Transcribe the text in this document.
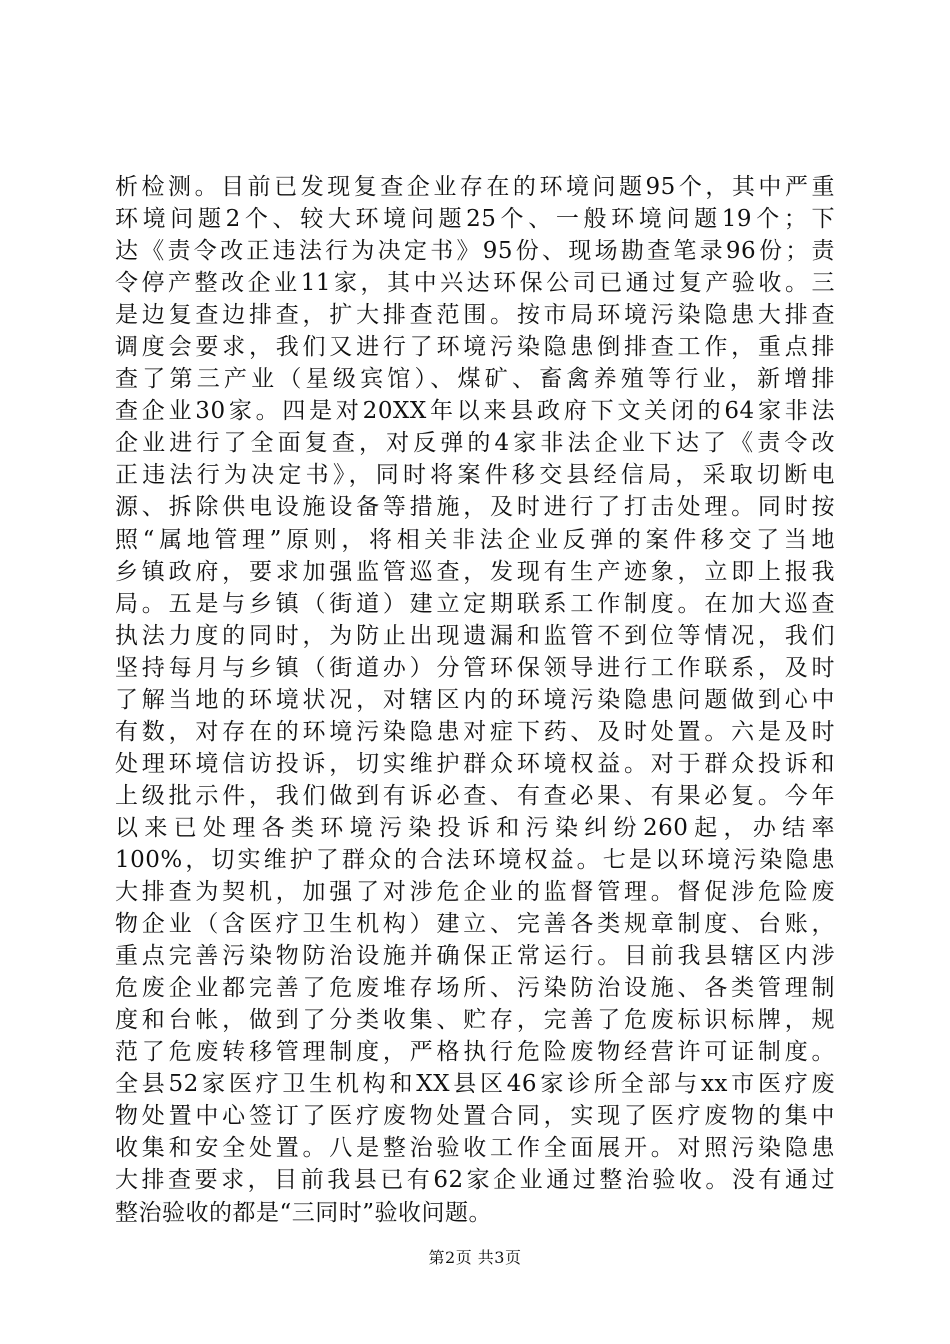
析检测。目前已发现复查企业存在的环境问题95个，其中严重
环境问题2个、较大环境问题25个、一般环境问题19个；下
达《责令改正违法行为决定书》95份、现场勘查笔录96份；责
令停产整改企业11家，其中兴达环保公司已通过复产验收。三
是边复查边排查，扩大排查范围。按市局环境污染隐患大排查
调度会要求，我们又进行了环境污染隐患倒排查工作，重点排
查了第三产业（星级宾馆）、煤矿、畜禽养殖等行业，新增排
查企业30家。四是对20XX年以来县政府下文关闭的64家非法
企业进行了全面复查，对反弹的4家非法企业下达了《责令改
正违法行为决定书》，同时将案件移交县经信局，采取切断电
源、拆除供电设施设备等措施，及时进行了打击处理。同时按
照“属地管理”原则，将相关非法企业反弹的案件移交了当地
乡镇政府，要求加强监管巡查，发现有生产迹象，立即上报我
局。五是与乡镇（街道）建立定期联系工作制度。在加大巡查
执法力度的同时，为防止出现遗漏和监管不到位等情况，我们
坚持每月与乡镇（街道办）分管环保领导进行工作联系，及时
了解当地的环境状况，对辖区内的环境污染隐患问题做到心中
有数，对存在的环境污染隐患对症下药、及时处置。六是及时
处理环境信访投诉，切实维护群众环境权益。对于群众投诉和
上级批示件，我们做到有诉必查、有查必果、有果必复。今年
以来已处理各类环境污染投诉和污染纠纷260起，办结率
100%，切实维护了群众的合法环境权益。七是以环境污染隐患
大排查为契机，加强了对涉危企业的监督管理。督促涉危险废
物企业（含医疗卫生机构）建立、完善各类规章制度、台账，
重点完善污染物防治设施并确保正常运行。目前我县辖区内涉
危废企业都完善了危废堆存场所、污染防治设施、各类管理制
度和台帐，做到了分类收集、贮存，完善了危废标识标牌，规
范了危废转移管理制度，严格执行危险废物经营许可证制度。
全县52家医疗卫生机构和XX县区46家诊所全部与xx市医疗废
物处置中心签订了医疗废物处置合同，实现了医疗废物的集中
收集和安全处置。八是整治验收工作全面展开。对照污染隐患
大排查要求，目前我县已有62家企业通过整治验收。没有通过
整治验收的都是“三同时”验收问题。
第2页 共3页
